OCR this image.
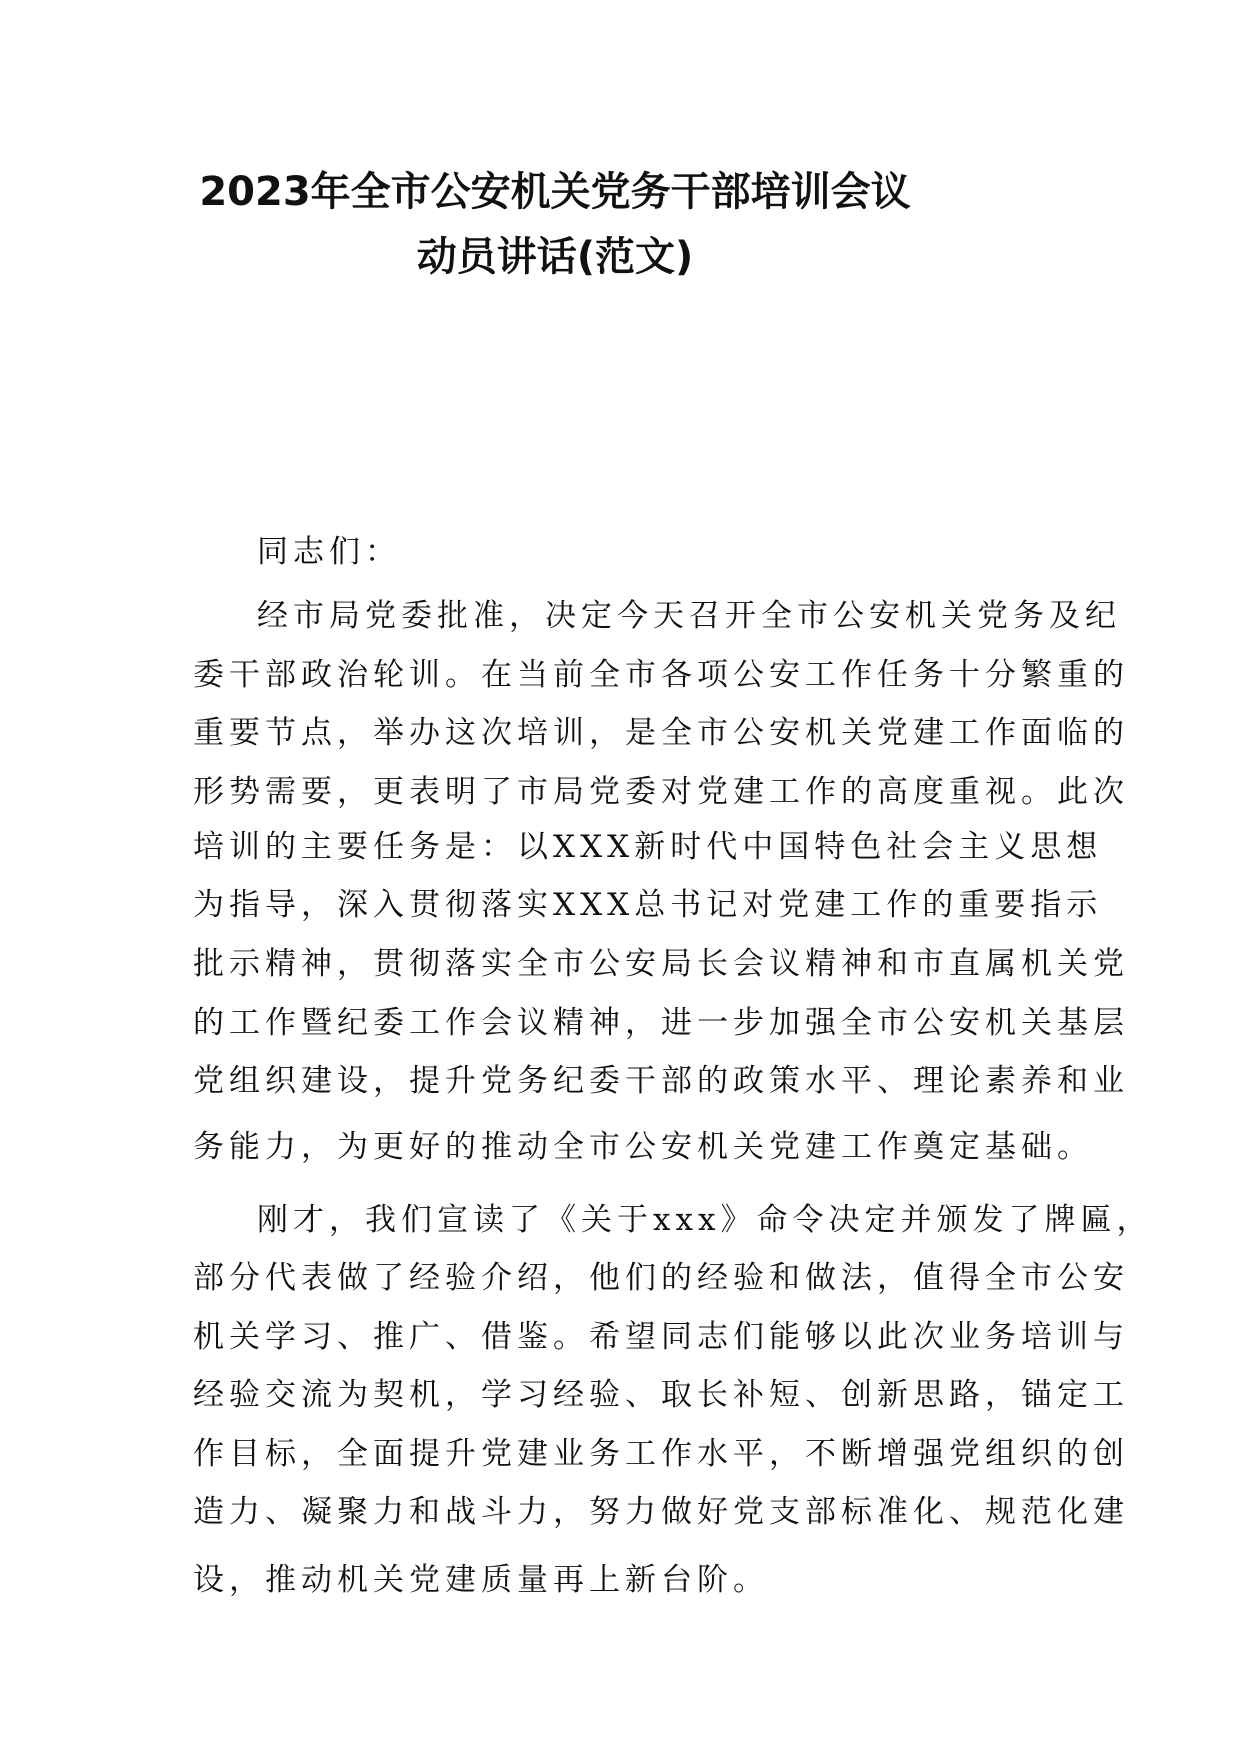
2023年全市公安机关党务干部培训会议
动员讲话(范文)
同志们：
经市局党委批准，决定今天召开全市公安机关党务及纪
委干部政治轮训。在当前全市各项公安工作任务十分繁重的
重要节点，举办这次培训，是全市公安机关党建工作面临的
形势需要，更表明了市局党委对党建工作的高度重视。此次
培训的主要任务是：以XXX新时代中国特色社会主义思想
为指导，深入贯彻落实XXX总书记对党建工作的重要指示
批示精神，贯彻落实全市公安局长会议精神和市直属机关党
的工作暨纪委工作会议精神，进一步加强全市公安机关基层
党组织建设，提升党务纪委干部的政策水平、理论素养和业
务能力，为更好的推动全市公安机关党建工作奠定基础。
刚才，我们宣读了《关于xxx》命令决定并颁发了牌匾，
部分代表做了经验介绍，他们的经验和做法，值得全市公安
机关学习、推广、借鉴。希望同志们能够以此次业务培训与
经验交流为契机，学习经验、取长补短、创新思路，锚定工
作目标，全面提升党建业务工作水平，不断增强党组织的创
造力、凝聚力和战斗力，努力做好党支部标准化、规范化建
设，推动机关党建质量再上新台阶。
